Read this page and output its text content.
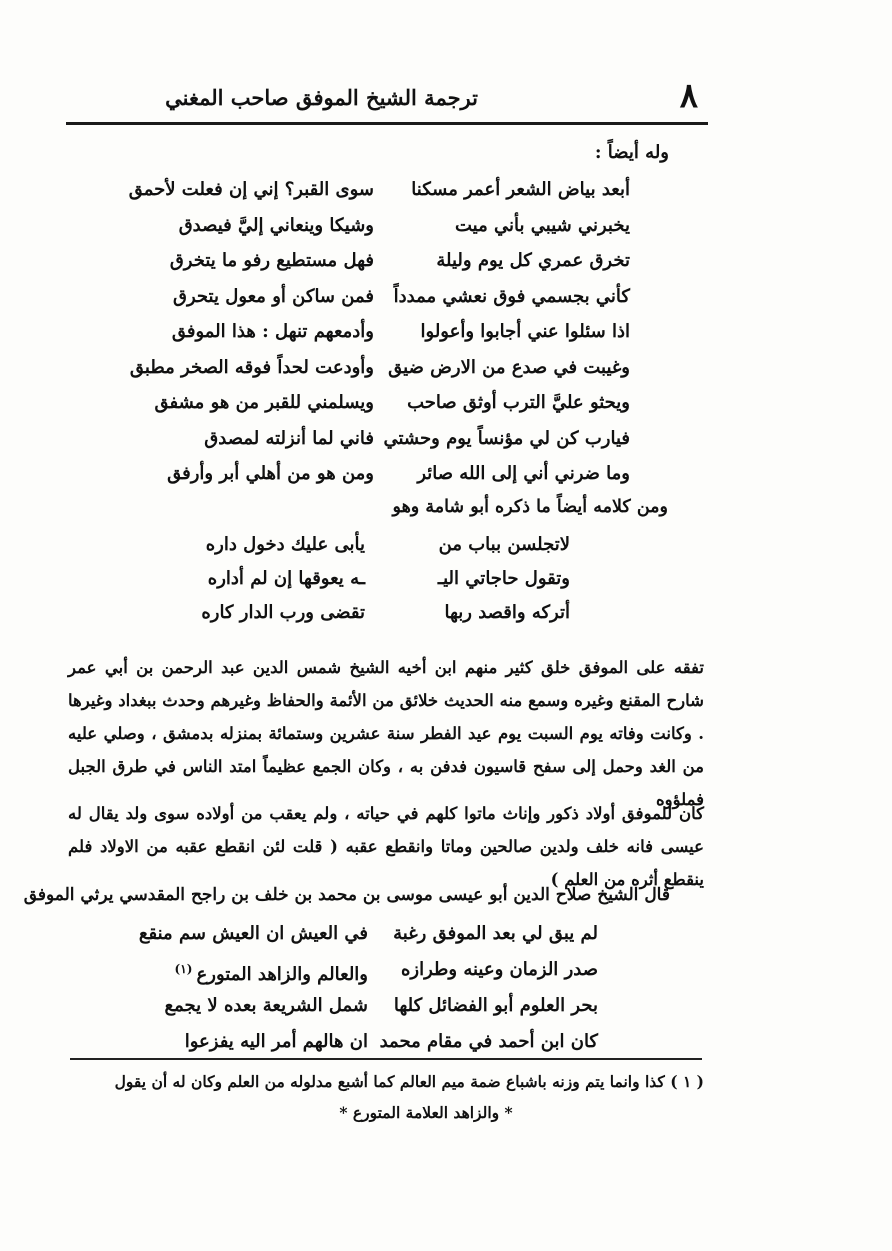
٨
ترجمة الشيخ الموفق صاحب المغني
وله أيضاً :
أبعد بياض الشعر أعمر مسكنا
سوى القبر؟ إني إن فعلت لأحمق
يخبرني شيبي بأني ميت
وشيكا وينعاني إليَّ فيصدق
تخرق عمري كل يوم وليلة
فهل مستطيع رفو ما يتخرق
كأني بجسمي فوق نعشي ممدداً
فمن ساكن أو معول يتحرق
اذا سئلوا عني أجابوا وأعولوا
وأدمعهم تنهل : هذا الموفق
وغيبت في صدع من الارض ضيق
وأودعت لحداً فوقه الصخر مطبق
ويحثو عليَّ الترب أوثق صاحب
ويسلمني للقبر من هو مشفق
فيارب كن لي مؤنساً يوم وحشتي
فاني لما أنزلته لمصدق
وما ضرني أني إلى الله صائر
ومن هو من أهلي أبر وأرفق
ومن كلامه أيضاً ما ذكره أبو شامة وهو
لاتجلسن بباب من
يأبى عليك دخول داره
وتقول حاجاتي اليـ
ـه يعوقها إن لم أداره
أتركه واقصد ربها
تقضى ورب الدار كاره

تفقه على الموفق خلق كثير منهم ابن أخيه الشيخ شمس الدين عبد الرحمن بن أبي عمر شارح المقنع وغيره وسمع منه الحديث خلائق من الأئمة والحفاظ وغيرهم وحدث ببغداد وغيرها . وكانت وفاته يوم السبت يوم عيد الفطر سنة عشرين وستمائة بمنزله بدمشق ، وصلي عليه من الغد وحمل إلى سفح قاسيون فدفن به ، وكان الجمع عظيماً امتد الناس في طرق الجبل فملؤوه

كان للموفق أولاد ذكور وإناث ماتوا كلهم في حياته ، ولم يعقب من أولاده سوى ولد يقال له عيسى فانه خلف ولدين صالحين وماتا وانقطع عقبه ( قلت لئن انقطع عقبه من الاولاد فلم ينقطع أثره من العلم )

قال الشيخ صلاح الدين أبو عيسى موسى بن محمد بن خلف بن راجح المقدسي يرثي الموفق
لم يبق لي بعد الموفق رغبة
في العيش ان العيش سم منقع
صدر الزمان وعينه وطرازه
والعالم والزاهد المتورع $^{(١)}$
بحر العلوم أبو الفضائل كلها
شمل الشريعة بعده لا يجمع
كان ابن أحمد في مقام محمد
ان هالهم أمر اليه يفزعوا
( ١ ) كذا وانما يتم وزنه باشباع ضمة ميم العالم كما أشبع مدلوله من العلم وكان له أن يقول
* والزاهد العلامة المتورع *
